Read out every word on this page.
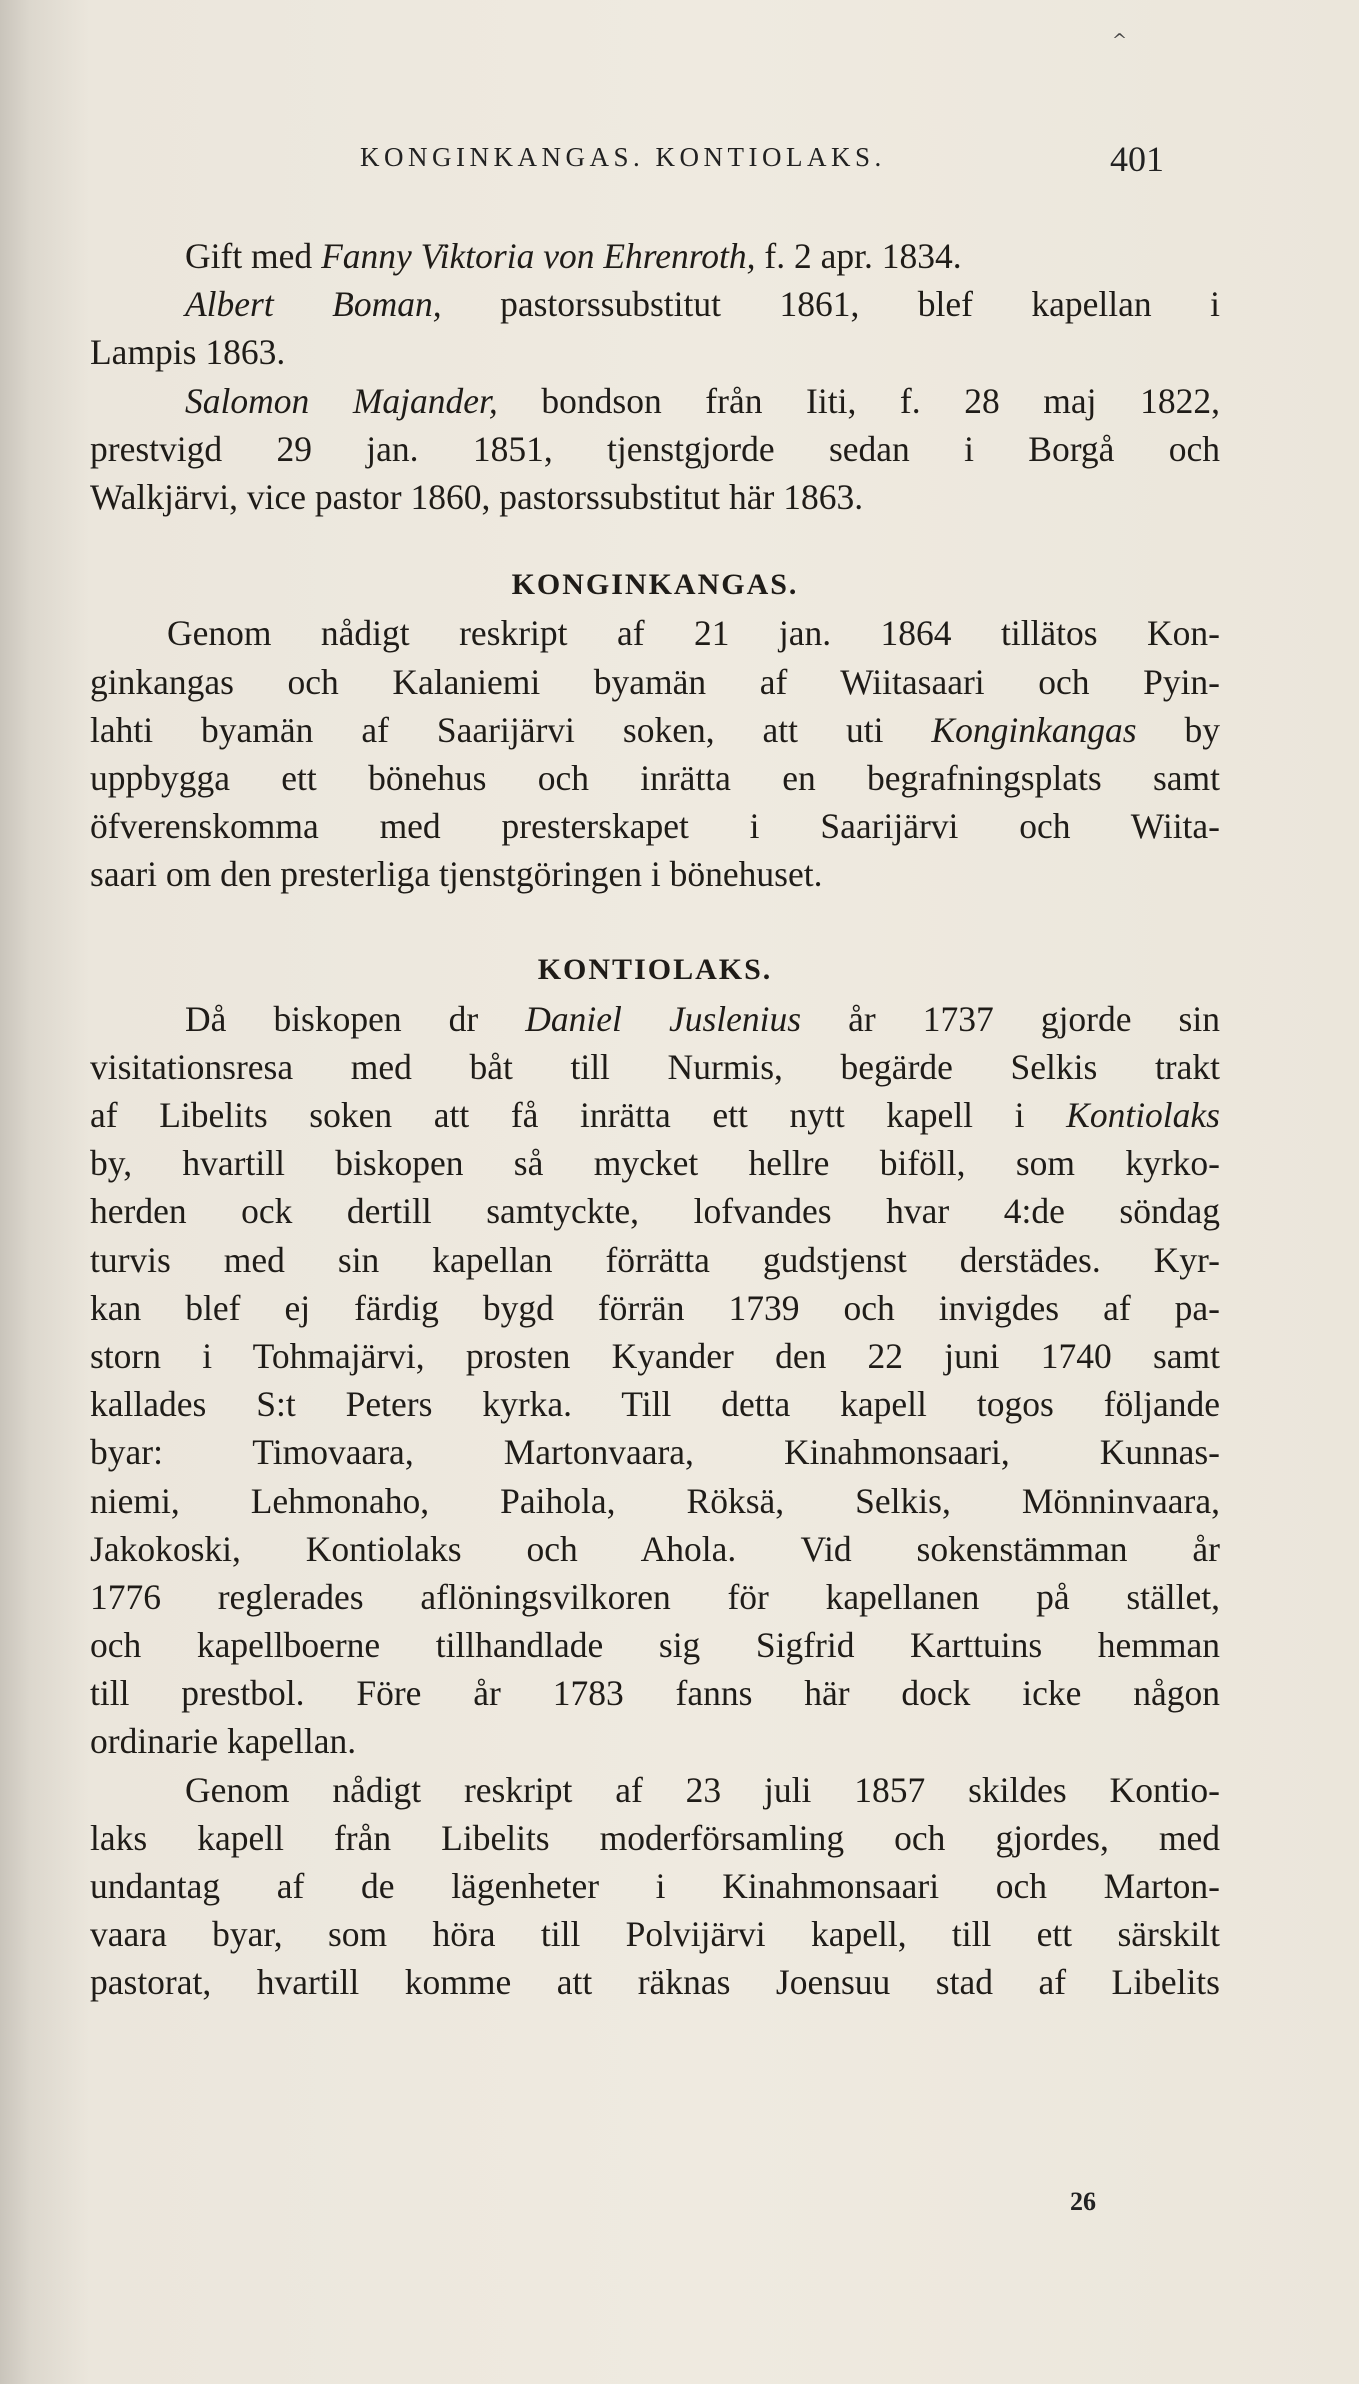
^
KONGINKANGAS. KONTIOLAKS.	401
Gift med Fanny Viktoria von Ehrenroth, f. 2 apr. 1834.
Albert Boman, pastorssubstitut 1861, blef kapellan i
Lampis 1863.
Salomon Majander, bondson från Iiti, f. 28 maj 1822,
prestvigd 29 jan. 1851, tjenstgjorde sedan i Borgå och
Walkjärvi, vice pastor 1860, pastorssubstitut här 1863.
KONGINKANGAS.
Genom nådigt reskript af 21 jan. 1864 tillätos Kon-
ginkangas och Kalaniemi byamän af Wiitasaari och Pyin-
lahti byamän af Saarijärvi soken, att uti Konginkangas by
uppbygga ett bönehus och inrätta en begrafningsplats samt
öfverenskomma med presterskapet i Saarijärvi och Wiita-
saari om den presterliga tjenstgöringen i bönehuset.
KONTIOLAKS.
Då biskopen dr Daniel Juslenius år 1737 gjorde sin
visitationsresa med båt till Nurmis, begärde Selkis trakt
af Libelits soken att få inrätta ett nytt kapell i Kontiolaks
by, hvartill biskopen så mycket hellre biföll, som kyrko-
herden ock dertill samtyckte, lofvandes hvar 4:de söndag
turvis med sin kapellan förrätta gudstjenst derstädes. Kyr-
kan blef ej färdig bygd förrän 1739 och invigdes af pa-
storn i Tohmajärvi, prosten Kyander den 22 juni 1740 samt
kallades S:t Peters kyrka. Till detta kapell togos följande
byar: Timovaara, Martonvaara, Kinahmonsaari, Kunnas-
niemi, Lehmonaho, Paihola, Röksä, Selkis, Mönninvaara,
Jakokoski, Kontiolaks och Ahola. Vid sokenstämman år
1776 reglerades aflöningsvilkoren för kapellanen på stället,
och kapellboerne tillhandlade sig Sigfrid Karttuins hemman
till prestbol. Före år 1783 fanns här dock icke någon
ordinarie kapellan.
Genom nådigt reskript af 23 juli 1857 skildes Kontio-
laks kapell från Libelits moderförsamling och gjordes, med
undantag af de lägenheter i Kinahmonsaari och Marton-
vaara byar, som höra till Polvijärvi kapell, till ett särskilt
pastorat, hvartill komme att räknas Joensuu stad af Libelits
26
